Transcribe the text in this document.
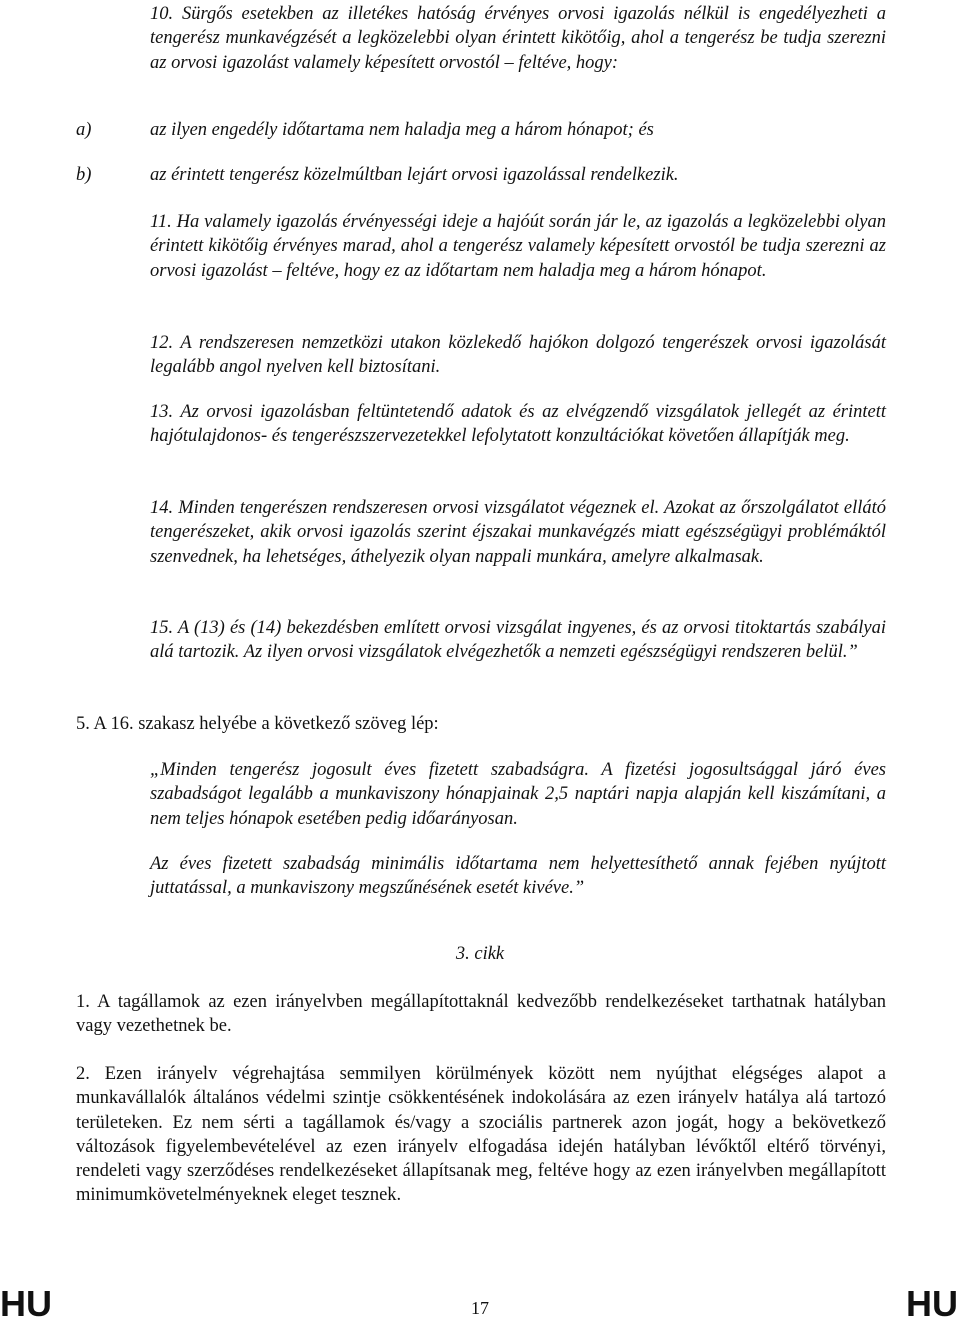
10. Sürgős esetekben az illetékes hatóság érvényes orvosi igazolás nélkül is engedélyezheti a tengerész munkavégzését a legközelebbi olyan érintett kikötőig, ahol a tengerész be tudja szerezni az orvosi igazolást valamely képesített orvostól – feltéve, hogy:

a)	az ilyen engedély időtartama nem haladja meg a három hónapot; és
b)	az érintett tengerész közelmúltban lejárt orvosi igazolással rendelkezik.

11. Ha valamely igazolás érvényességi ideje a hajóút során jár le, az igazolás a legközelebbi olyan érintett kikötőig érvényes marad, ahol a tengerész valamely képesített orvostól be tudja szerezni az orvosi igazolást – feltéve, hogy ez az időtartam nem haladja meg a három hónapot.

12. A rendszeresen nemzetközi utakon közlekedő hajókon dolgozó tengerészek orvosi igazolását legalább angol nyelven kell biztosítani.

13. Az orvosi igazolásban feltüntetendő adatok és az elvégzendő vizsgálatok jellegét az érintett hajótulajdonos- és tengerészszervezetekkel lefolytatott konzultációkat követően állapítják meg.

14. Minden tengerészen rendszeresen orvosi vizsgálatot végeznek el. Azokat az őrszolgálatot ellátó tengerészeket, akik orvosi igazolás szerint éjszakai munkavégzés miatt egészségügyi problémáktól szenvednek, ha lehetséges, áthelyezik olyan nappali munkára, amelyre alkalmasak.

15. A (13) és (14) bekezdésben említett orvosi vizsgálat ingyenes, és az orvosi titoktartás szabályai alá tartozik. Az ilyen orvosi vizsgálatok elvégezhetők a nemzeti egészségügyi rendszeren belül.”

5. A 16. szakasz helyébe a következő szöveg lép:

„Minden tengerész jogosult éves fizetett szabadságra. A fizetési jogosultsággal járó éves szabadságot legalább a munkaviszony hónapjainak 2,5 naptári napja alapján kell kiszámítani, a nem teljes hónapok esetében pedig időarányosan.

Az éves fizetett szabadság minimális időtartama nem helyettesíthető annak fejében nyújtott juttatással, a munkaviszony megszűnésének esetét kivéve.”

3. cikk

1. A tagállamok az ezen irányelvben megállapítottaknál kedvezőbb rendelkezéseket tarthatnak hatályban vagy vezethetnek be.

2. Ezen irányelv végrehajtása semmilyen körülmények között nem nyújthat elégséges alapot a munkavállalók általános védelmi szintje csökkentésének indokolására az ezen irányelv hatálya alá tartozó területeken. Ez nem sérti a tagállamok és/vagy a szociális partnerek azon jogát, hogy a bekövetkező változások figyelembevételével az ezen irányelv elfogadása idején hatályban lévőktől eltérő törvényi, rendeleti vagy szerződéses rendelkezéseket állapítsanak meg, feltéve hogy az ezen irányelvben megállapított minimumkövetelményeknek eleget tesznek.

HU	17	HU
